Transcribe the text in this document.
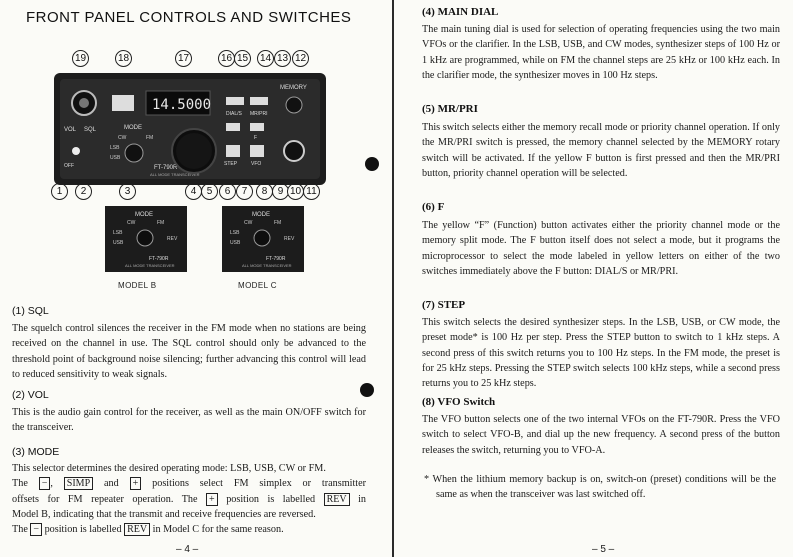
FRONT PANEL CONTROLS AND SWITCHES
19	18	17	16 15 14 13 12
1	2	3	4	5	6	7	8	9 10 11
VOL SQL
OFF
14.5000
MODE
CW	FM
LSB
USB
FT-790R
ALL MODE TRANSCEIVER
DIAL/S MR/PRI
F
STEP	VFO
MEMORY
MODE
CW	FM
LSB
USB
REV
FT-790R
ALL MODE TRANSCEIVER
MODEL B
MODE
CW	FM
LSB
USB
REV
FT-790R
ALL MODE TRANSCEIVER
MODEL C
(1) SQL
The squelch control silences the receiver in the FM mode when no stations are being received on the channel in use. The SQL control should only be advanced to the threshold point of background noise silencing; further advancing this control will lead to reduced sensitivity to weak signals.
(2) VOL
This is the audio gain control for the receiver, as well as the main ON/OFF switch for the transceiver.
(3) MODE
This selector determines the desired operating mode: LSB, USB, CW or FM.
The − , SIMP and + positions select FM simplex or transmitter
offsets for FM repeater operation. The + position is labelled REV in
Model B, indicating that the transmit and receive frequencies are reversed.
The − position is labelled REV in Model C for the same reason.
– 4 –
(4) MAIN DIAL
The main tuning dial is used for selection of operating frequencies using the two main VFOs or the clarifier. In the LSB, USB, and CW modes, synthesizer steps of 100 Hz or 1 kHz are programmed, while on FM the channel steps are 25 kHz or 100 kHz each. In the clarifier mode, the synthesizer moves in 100 Hz steps.
(5) MR/PRI
This switch selects either the memory recall mode or priority channel operation. If only the MR/PRI switch is pressed, the memory channel selected by the MEMORY rotary switch will be activated. If the yellow F button is first pressed and then the MR/PRI button, priority channel operation will be selected.
(6) F
The yellow “F” (Function) button activates either the priority channel mode or the memory split mode. The F button itself does not select a mode, but it programs the microprocessor to select the mode labeled in yellow letters on either of the two switches immediately above the F button: DIAL/S or MR/PRI.
(7) STEP
This switch selects the desired synthesizer steps. In the LSB, USB, or CW mode, the preset mode* is 100 Hz per step. Press the STEP button to switch to 1 kHz steps. A second press of this switch returns you to 100 Hz steps. In the FM mode, the preset is for 25 kHz steps. Pressing the STEP switch selects 100 kHz steps, while a second press returns you to 25 kHz steps.
(8) VFO Switch
The VFO button selects one of the two internal VFOs on the FT-790R. Press the VFO switch to select VFO-B, and dial up the new frequency. A second press of the button releases the switch, returning you to VFO-A.
* When the lithium memory backup is on, switch-on (preset) conditions will be the same as when the transceiver was last switched off.
– 5 –
